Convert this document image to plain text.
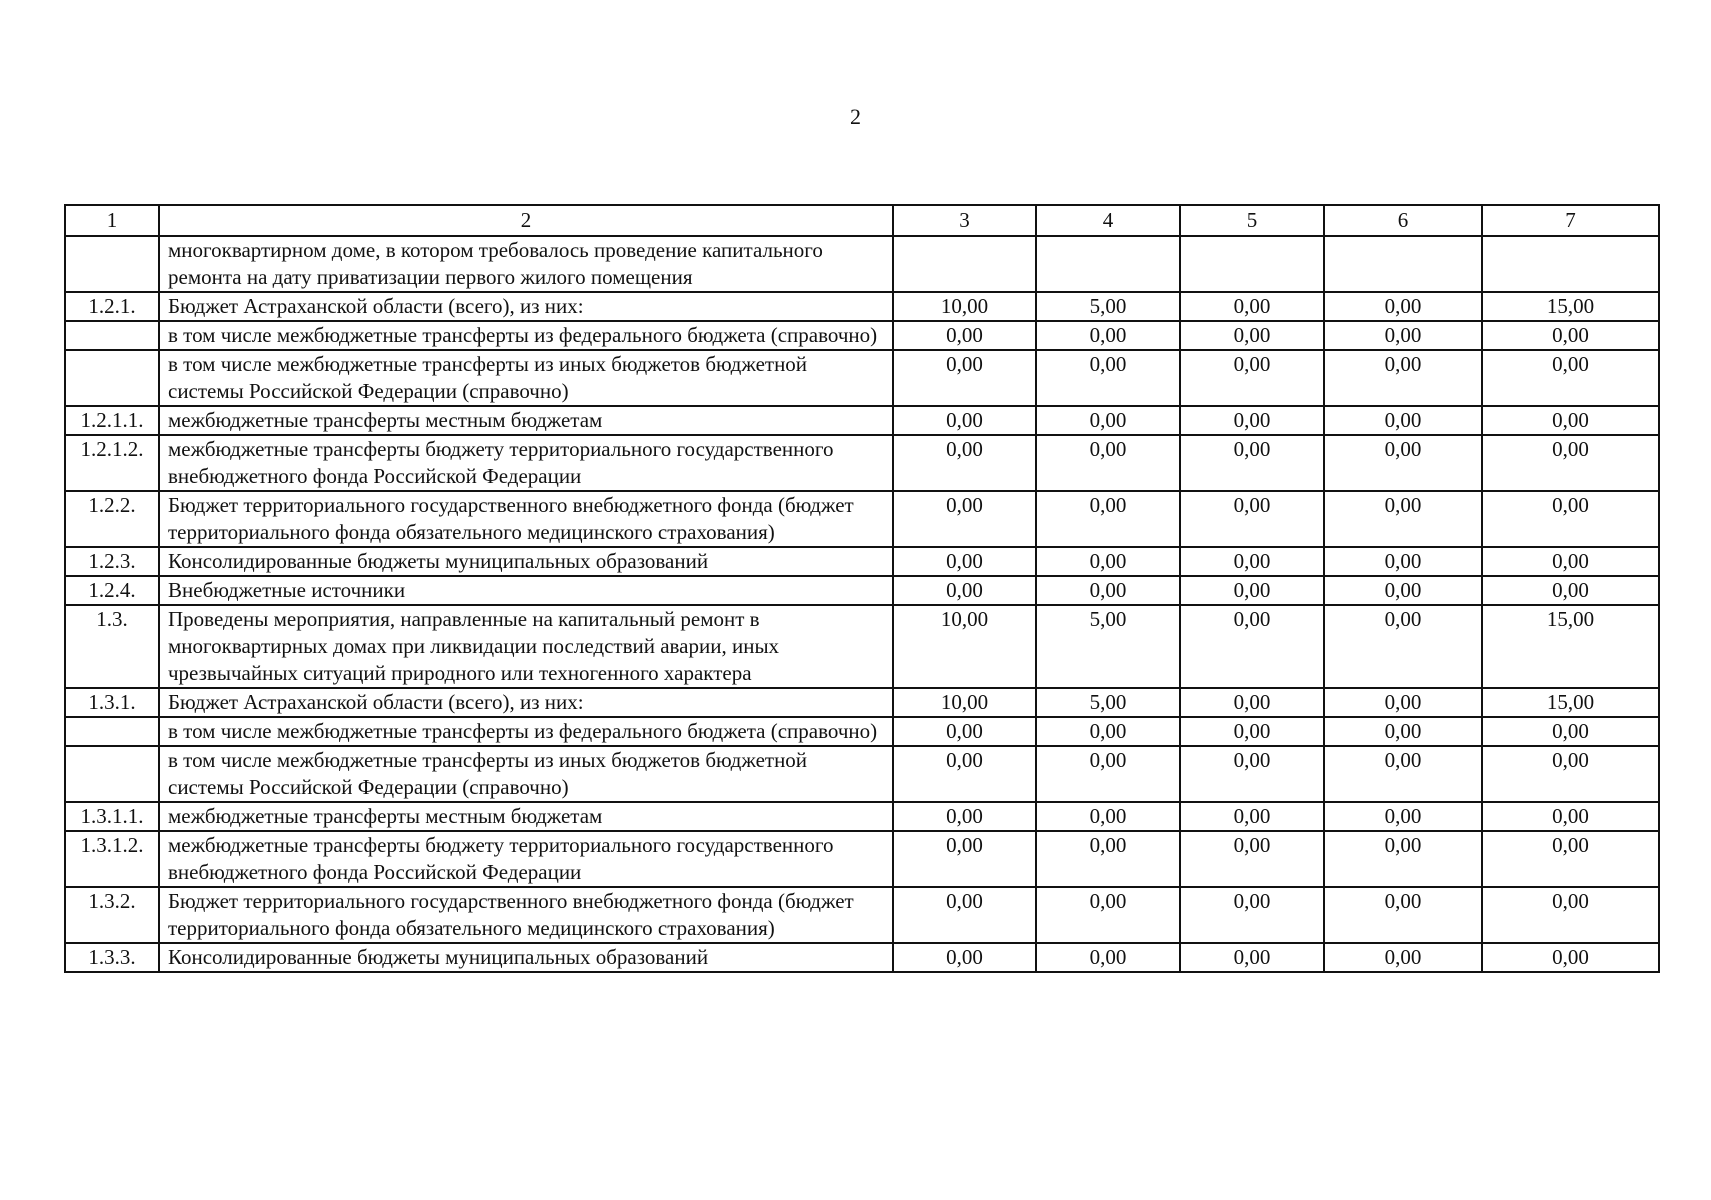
2
1	2	3	4	5	6	7
	многоквартирном доме, в котором требовалось проведение капитального ремонта на дату приватизации первого жилого помещения					
1.2.1.	Бюджет Астраханской области (всего), из них:	10,00	5,00	0,00	0,00	15,00
	в том числе межбюджетные трансферты из федерального бюджета (справочно)	0,00	0,00	0,00	0,00	0,00
	в том числе межбюджетные трансферты из иных бюджетов бюджетной системы Российской Федерации (справочно)	0,00	0,00	0,00	0,00	0,00
1.2.1.1.	межбюджетные трансферты местным бюджетам	0,00	0,00	0,00	0,00	0,00
1.2.1.2.	межбюджетные трансферты бюджету территориального государственного внебюджетного фонда Российской Федерации	0,00	0,00	0,00	0,00	0,00
1.2.2.	Бюджет территориального государственного внебюджетного фонда (бюджет территориального фонда обязательного медицинского страхования)	0,00	0,00	0,00	0,00	0,00
1.2.3.	Консолидированные бюджеты муниципальных образований	0,00	0,00	0,00	0,00	0,00
1.2.4.	Внебюджетные источники	0,00	0,00	0,00	0,00	0,00
1.3.	Проведены мероприятия, направленные на капитальный ремонт в многоквартирных домах при ликвидации последствий аварии, иных чрезвычайных ситуаций природного или техногенного характера	10,00	5,00	0,00	0,00	15,00
1.3.1.	Бюджет Астраханской области (всего), из них:	10,00	5,00	0,00	0,00	15,00
	в том числе межбюджетные трансферты из федерального бюджета (справочно)	0,00	0,00	0,00	0,00	0,00
	в том числе межбюджетные трансферты из иных бюджетов бюджетной системы Российской Федерации (справочно)	0,00	0,00	0,00	0,00	0,00
1.3.1.1.	межбюджетные трансферты местным бюджетам	0,00	0,00	0,00	0,00	0,00
1.3.1.2.	межбюджетные трансферты бюджету территориального государственного внебюджетного фонда Российской Федерации	0,00	0,00	0,00	0,00	0,00
1.3.2.	Бюджет территориального государственного внебюджетного фонда (бюджет территориального фонда обязательного медицинского страхования)	0,00	0,00	0,00	0,00	0,00
1.3.3.	Консолидированные бюджеты муниципальных образований	0,00	0,00	0,00	0,00	0,00
